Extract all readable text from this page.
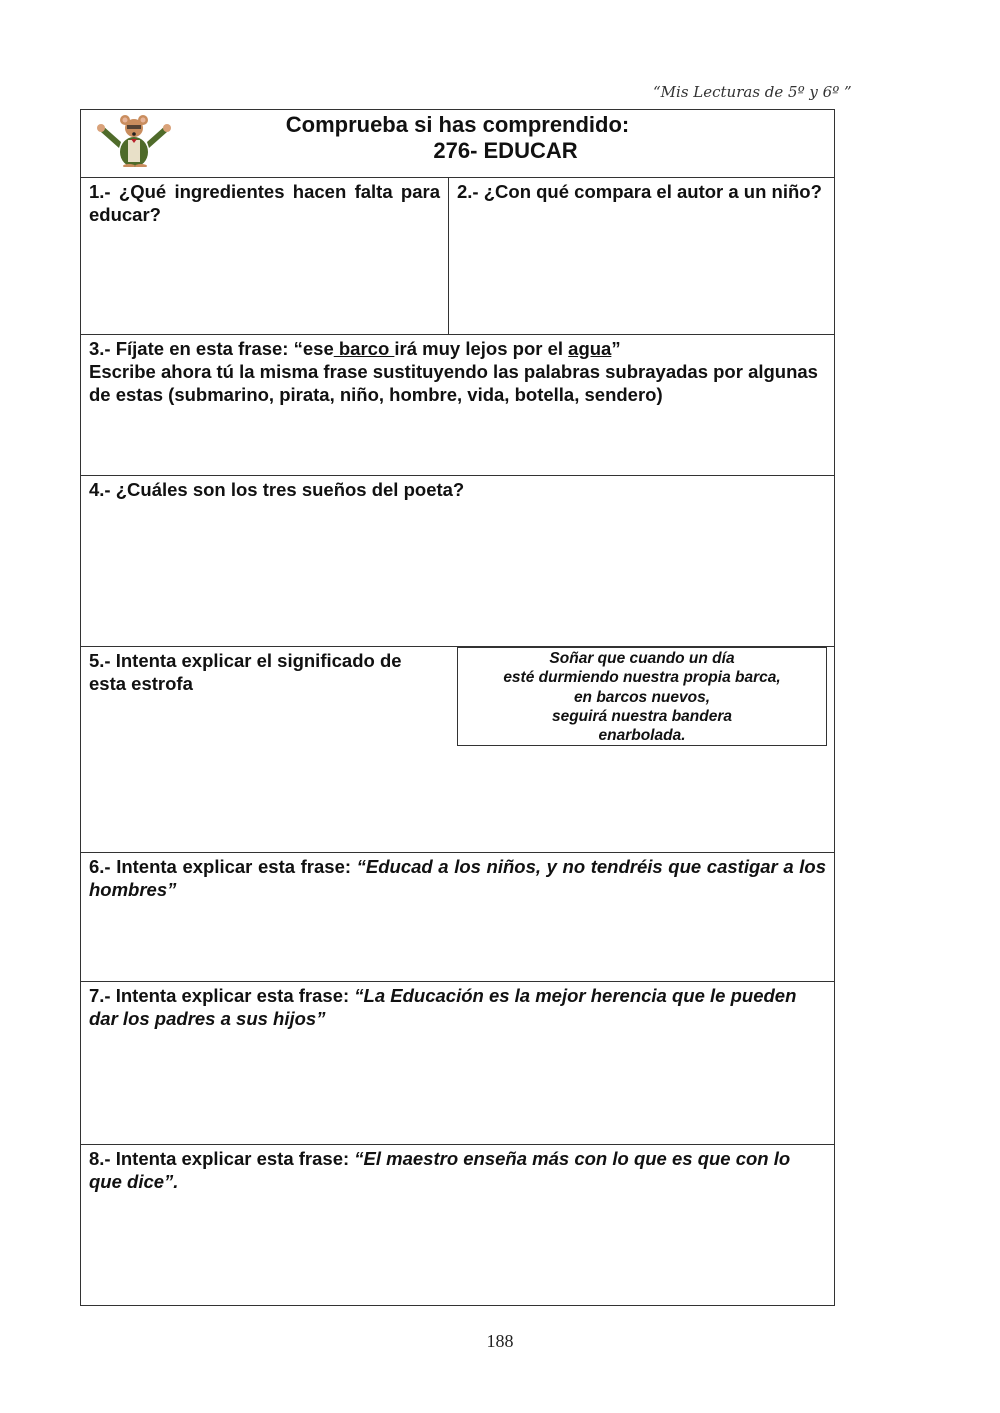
“Mis Lecturas de 5º y 6º ”
Comprueba si has comprendido:
276- EDUCAR
1.- ¿Qué ingredientes hacen falta para educar?
2.- ¿Con qué compara el autor a un niño?
3.- Fíjate en esta frase: “ese barco irá muy lejos por el agua”
Escribe ahora tú la misma frase sustituyendo las palabras subrayadas por algunas de estas (submarino, pirata, niño, hombre, vida, botella, sendero)
4.- ¿Cuáles son los tres sueños del poeta?
5.- Intenta explicar el significado de esta estrofa
Soñar que cuando un día
esté durmiendo nuestra propia barca,
en barcos nuevos,
seguirá nuestra bandera
enarbolada.
6.- Intenta explicar esta frase: “Educad a los niños, y no tendréis que castigar a los hombres”
7.- Intenta explicar esta frase: “La Educación es la mejor herencia que le pueden dar los padres a sus hijos”
8.- Intenta explicar esta frase: “El maestro enseña más con lo que es que con lo que dice”.
188
